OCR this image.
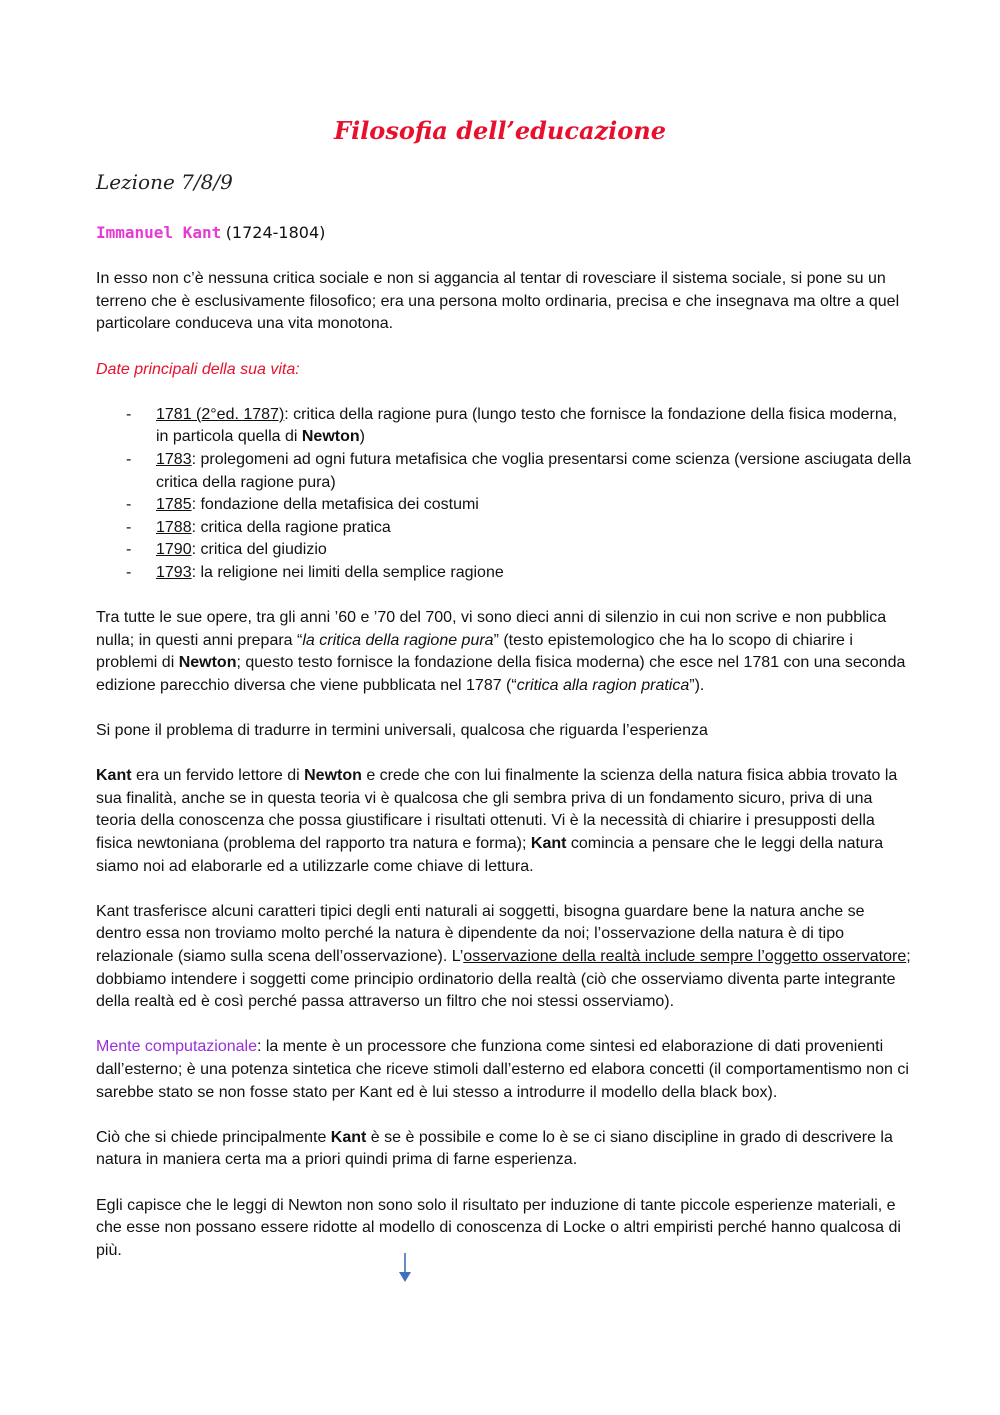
Filosofia dell’educazione
Lezione 7/8/9

Immanuel Kant (1724-1804)

In esso non c’è nessuna critica sociale e non si aggancia al tentar di rovesciare il sistema sociale, si pone su un terreno che è esclusivamente filosofico; era una persona molto ordinaria, precisa e che insegnava ma oltre a quel particolare conduceva una vita monotona.

Date principali della sua vita:

- 1781 (2°ed. 1787): critica della ragione pura (lungo testo che fornisce la fondazione della fisica moderna, in particola quella di Newton)
- 1783: prolegomeni ad ogni futura metafisica che voglia presentarsi come scienza (versione asciugata della critica della ragione pura)
- 1785: fondazione della metafisica dei costumi
- 1788: critica della ragione pratica
- 1790: critica del giudizio
- 1793: la religione nei limiti della semplice ragione

Tra tutte le sue opere, tra gli anni ’60 e ’70 del 700, vi sono dieci anni di silenzio in cui non scrive e non pubblica nulla; in questi anni prepara “la critica della ragione pura” (testo epistemologico che ha lo scopo di chiarire i problemi di Newton; questo testo fornisce la fondazione della fisica moderna) che esce nel 1781 con una seconda edizione parecchio diversa che viene pubblicata nel 1787 (“critica alla ragion pratica”).

Si pone il problema di tradurre in termini universali, qualcosa che riguarda l’esperienza

Kant era un fervido lettore di Newton e crede che con lui finalmente la scienza della natura fisica abbia trovato la sua finalità, anche se in questa teoria vi è qualcosa che gli sembra priva di un fondamento sicuro, priva di una teoria della conoscenza che possa giustificare i risultati ottenuti. Vi è la necessità di chiarire i presupposti della fisica newtoniana (problema del rapporto tra natura e forma); Kant comincia a pensare che le leggi della natura siamo noi ad elaborarle ed a utilizzarle come chiave di lettura.

Kant trasferisce alcuni caratteri tipici degli enti naturali ai soggetti, bisogna guardare bene la natura anche se dentro essa non troviamo molto perché la natura è dipendente da noi; l’osservazione della natura è di tipo relazionale (siamo sulla scena dell’osservazione). L’osservazione della realtà include sempre l’oggetto osservatore; dobbiamo intendere i soggetti come principio ordinatorio della realtà (ciò che osserviamo diventa parte integrante della realtà ed è così perché passa attraverso un filtro che noi stessi osserviamo).

Mente computazionale: la mente è un processore che funziona come sintesi ed elaborazione di dati provenienti dall’esterno; è una potenza sintetica che riceve stimoli dall’esterno ed elabora concetti (il comportamentismo non ci sarebbe stato se non fosse stato per Kant ed è lui stesso a introdurre il modello della black box).

Ciò che si chiede principalmente Kant è se è possibile e come lo è se ci siano discipline in grado di descrivere la natura in maniera certa ma a priori quindi prima di farne esperienza.

Egli capisce che le leggi di Newton non sono solo il risultato per induzione di tante piccole esperienze materiali, e che esse non possano essere ridotte al modello di conoscenza di Locke o altri empiristi perché hanno qualcosa di più.
